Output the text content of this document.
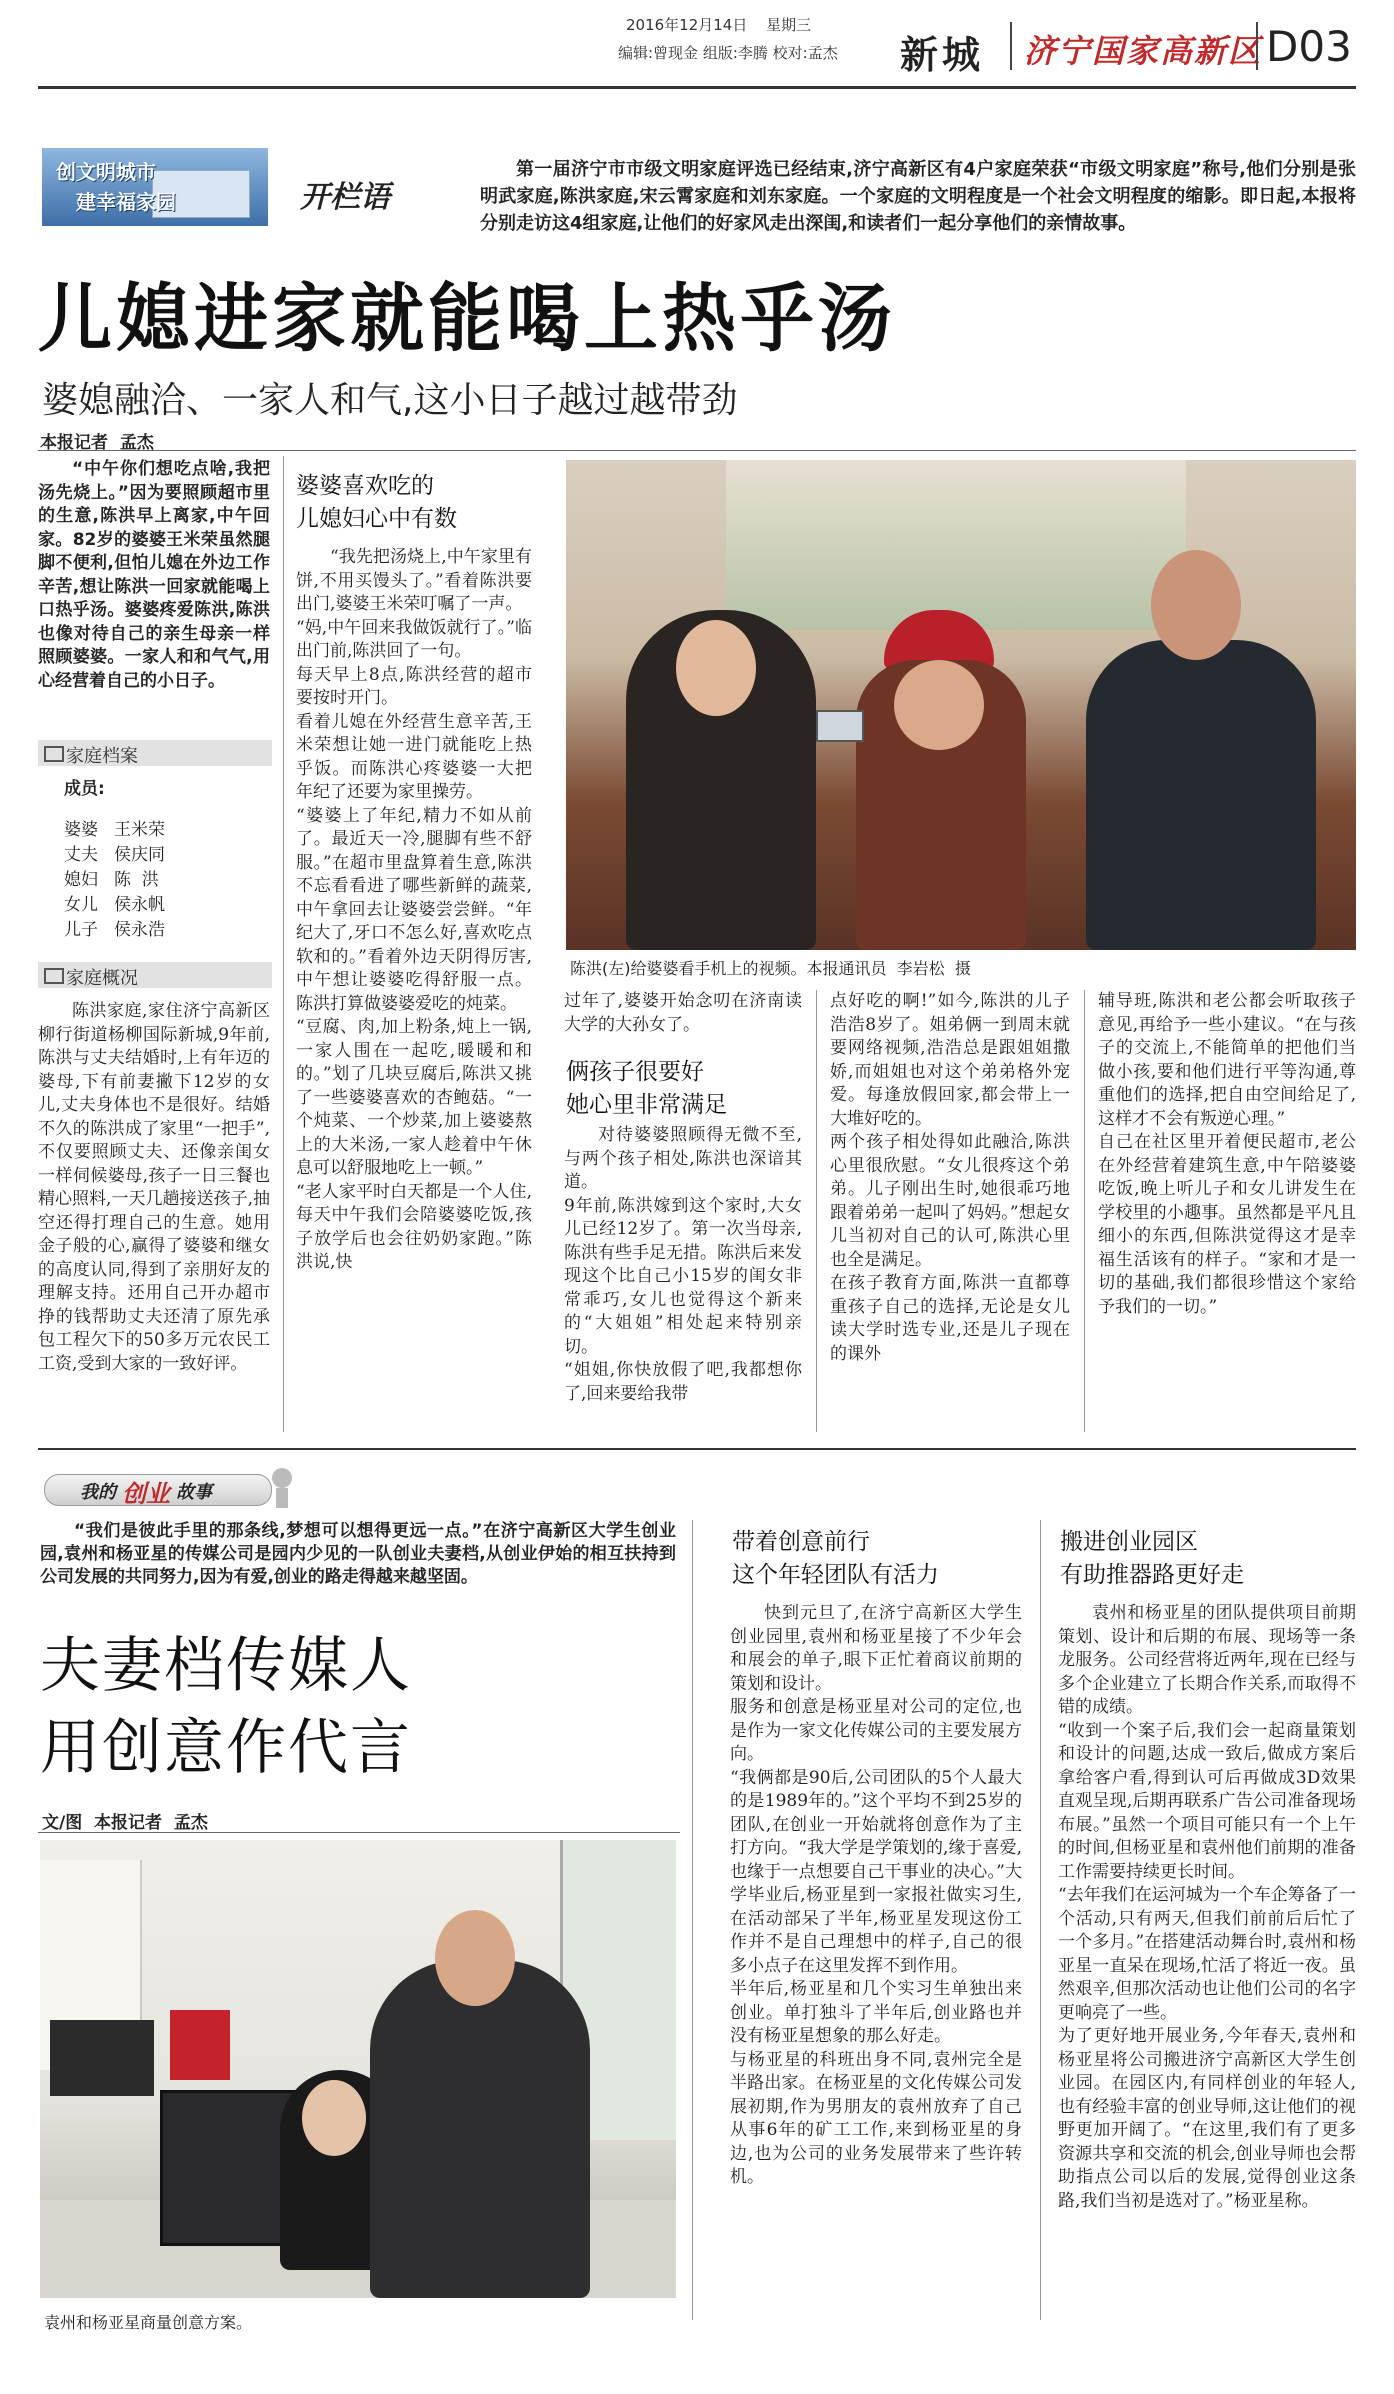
2016年12月14日 星期三
编辑:曾现金 组版:李腾 校对:孟杰 新城 济宁国家高新区 D03
创文明城市
建幸福家园	开栏语
第一届济宁市市级文明家庭评选已经结束,济宁高新区有4户家庭荣获“市级文明家庭”称号,他们分别是张明武家庭,陈洪家庭,宋云霄家庭和刘东家庭。一个家庭的文明程度是一个社会文明程度的缩影。即日起,本报将分别走访这4组家庭,让他们的好家风走出深闺,和读者们一起分享他们的亲情故事。
儿媳进家就能喝上热乎汤
婆媳融洽、一家人和气,这小日子越过越带劲
本报记者  孟杰
“中午你们想吃点啥,我把汤先烧上。”因为要照顾超市里的生意,陈洪早上离家,中午回家。82岁的婆婆王米荣虽然腿脚不便利,但怕儿媳在外边工作辛苦,想让陈洪一回家就能喝上口热乎汤。婆婆疼爱陈洪,陈洪也像对待自己的亲生母亲一样照顾婆婆。一家人和和气气,用心经营着自己的小日子。
家庭档案
成员:
婆婆 王米荣
丈夫 侯庆同
媳妇 陈  洪
女儿 侯永帆
儿子 侯永浩
家庭概况
陈洪家庭,家住济宁高新区柳行街道杨柳国际新城,9年前,陈洪与丈夫结婚时,上有年迈的婆母,下有前妻撇下12岁的女儿,丈夫身体也不是很好。结婚不久的陈洪成了家里“一把手”,不仅要照顾丈夫、还像亲闺女一样伺候婆母,孩子一日三餐也精心照料,一天几趟接送孩子,抽空还得打理自己的生意。她用金子般的心,赢得了婆婆和继女的高度认同,得到了亲朋好友的理解支持。还用自己开办超市挣的钱帮助丈夫还清了原先承包工程欠下的50多万元农民工工资,受到大家的一致好评。
婆婆喜欢吃的
儿媳妇心中有数
“我先把汤烧上,中午家里有饼,不用买馒头了。”看着陈洪要出门,婆婆王米荣叮嘱了一声。
“妈,中午回来我做饭就行了。”临出门前,陈洪回了一句。
每天早上8点,陈洪经营的超市要按时开门。
看着儿媳在外经营生意辛苦,王米荣想让她一进门就能吃上热乎饭。而陈洪心疼婆婆一大把年纪了还要为家里操劳。
“婆婆上了年纪,精力不如从前了。最近天一冷,腿脚有些不舒服。”在超市里盘算着生意,陈洪不忘看看进了哪些新鲜的蔬菜,中午拿回去让婆婆尝尝鲜。“年纪大了,牙口不怎么好,喜欢吃点软和的。”看着外边天阴得厉害,中午想让婆婆吃得舒服一点。陈洪打算做婆婆爱吃的炖菜。
“豆腐、肉,加上粉条,炖上一锅,一家人围在一起吃,暖暖和和的。”划了几块豆腐后,陈洪又挑了一些婆婆喜欢的杏鲍菇。“一个炖菜、一个炒菜,加上婆婆熬上的大米汤,一家人趁着中午休息可以舒服地吃上一顿。”
“老人家平时白天都是一个人住,每天中午我们会陪婆婆吃饭,孩子放学后也会往奶奶家跑。”陈洪说,快
陈洪(左)给婆婆看手机上的视频。本报通讯员  李岩松  摄
过年了,婆婆开始念叨在济南读大学的大孙女了。
俩孩子很要好
她心里非常满足
对待婆婆照顾得无微不至,与两个孩子相处,陈洪也深谙其道。
9年前,陈洪嫁到这个家时,大女儿已经12岁了。第一次当母亲,陈洪有些手足无措。陈洪后来发现这个比自己小15岁的闺女非常乖巧,女儿也觉得这个新来的“大姐姐”相处起来特别亲切。
“姐姐,你快放假了吧,我都想你了,回来要给我带
点好吃的啊!”如今,陈洪的儿子浩浩8岁了。姐弟俩一到周末就要网络视频,浩浩总是跟姐姐撒娇,而姐姐也对这个弟弟格外宠爱。每逢放假回家,都会带上一大堆好吃的。
两个孩子相处得如此融洽,陈洪心里很欣慰。“女儿很疼这个弟弟。儿子刚出生时,她很乖巧地跟着弟弟一起叫了妈妈。”想起女儿当初对自己的认可,陈洪心里也全是满足。
在孩子教育方面,陈洪一直都尊重孩子自己的选择,无论是女儿读大学时选专业,还是儿子现在的课外
辅导班,陈洪和老公都会听取孩子意见,再给予一些小建议。“在与孩子的交流上,不能简单的把他们当做小孩,要和他们进行平等沟通,尊重他们的选择,把自由空间给足了,这样才不会有叛逆心理。”
自己在社区里开着便民超市,老公在外经营着建筑生意,中午陪婆婆吃饭,晚上听儿子和女儿讲发生在学校里的小趣事。虽然都是平凡且细小的东西,但陈洪觉得这才是幸福生活该有的样子。“家和才是一切的基础,我们都很珍惜这个家给予我们的一切。”
我的 创业 故事
“我们是彼此手里的那条线,梦想可以想得更远一点。”在济宁高新区大学生创业园,袁州和杨亚星的传媒公司是园内少见的一队创业夫妻档,从创业伊始的相互扶持到公司发展的共同努力,因为有爱,创业的路走得越来越坚固。
夫妻档传媒人
用创意作代言
文/图  本报记者  孟杰
袁州和杨亚星商量创意方案。
带着创意前行
这个年轻团队有活力
快到元旦了,在济宁高新区大学生创业园里,袁州和杨亚星接了不少年会和展会的单子,眼下正忙着商议前期的策划和设计。
服务和创意是杨亚星对公司的定位,也是作为一家文化传媒公司的主要发展方向。
“我俩都是90后,公司团队的5个人最大的是1989年的。”这个平均不到25岁的团队,在创业一开始就将创意作为了主打方向。“我大学是学策划的,缘于喜爱,也缘于一点想要自己干事业的决心。”大学毕业后,杨亚星到一家报社做实习生,在活动部呆了半年,杨亚星发现这份工作并不是自己理想中的样子,自己的很多小点子在这里发挥不到作用。
半年后,杨亚星和几个实习生单独出来创业。单打独斗了半年后,创业路也并没有杨亚星想象的那么好走。
与杨亚星的科班出身不同,袁州完全是半路出家。在杨亚星的文化传媒公司发展初期,作为男朋友的袁州放弃了自己从事6年的矿工工作,来到杨亚星的身边,也为公司的业务发展带来了些许转机。
搬进创业园区
有助推器路更好走
袁州和杨亚星的团队提供项目前期策划、设计和后期的布展、现场等一条龙服务。公司经营将近两年,现在已经与多个企业建立了长期合作关系,而取得不错的成绩。
“收到一个案子后,我们会一起商量策划和设计的问题,达成一致后,做成方案后拿给客户看,得到认可后再做成3D效果直观呈现,后期再联系广告公司准备现场布展。”虽然一个项目可能只有一个上午的时间,但杨亚星和袁州他们前期的准备工作需要持续更长时间。
“去年我们在运河城为一个车企筹备了一个活动,只有两天,但我们前前后后忙了一个多月。”在搭建活动舞台时,袁州和杨亚星一直呆在现场,忙活了将近一夜。虽然艰辛,但那次活动也让他们公司的名字更响亮了一些。
为了更好地开展业务,今年春天,袁州和杨亚星将公司搬进济宁高新区大学生创业园。在园区内,有同样创业的年轻人,也有经验丰富的创业导师,这让他们的视野更加开阔了。“在这里,我们有了更多资源共享和交流的机会,创业导师也会帮助指点公司以后的发展,觉得创业这条路,我们当初是选对了。”杨亚星称。
